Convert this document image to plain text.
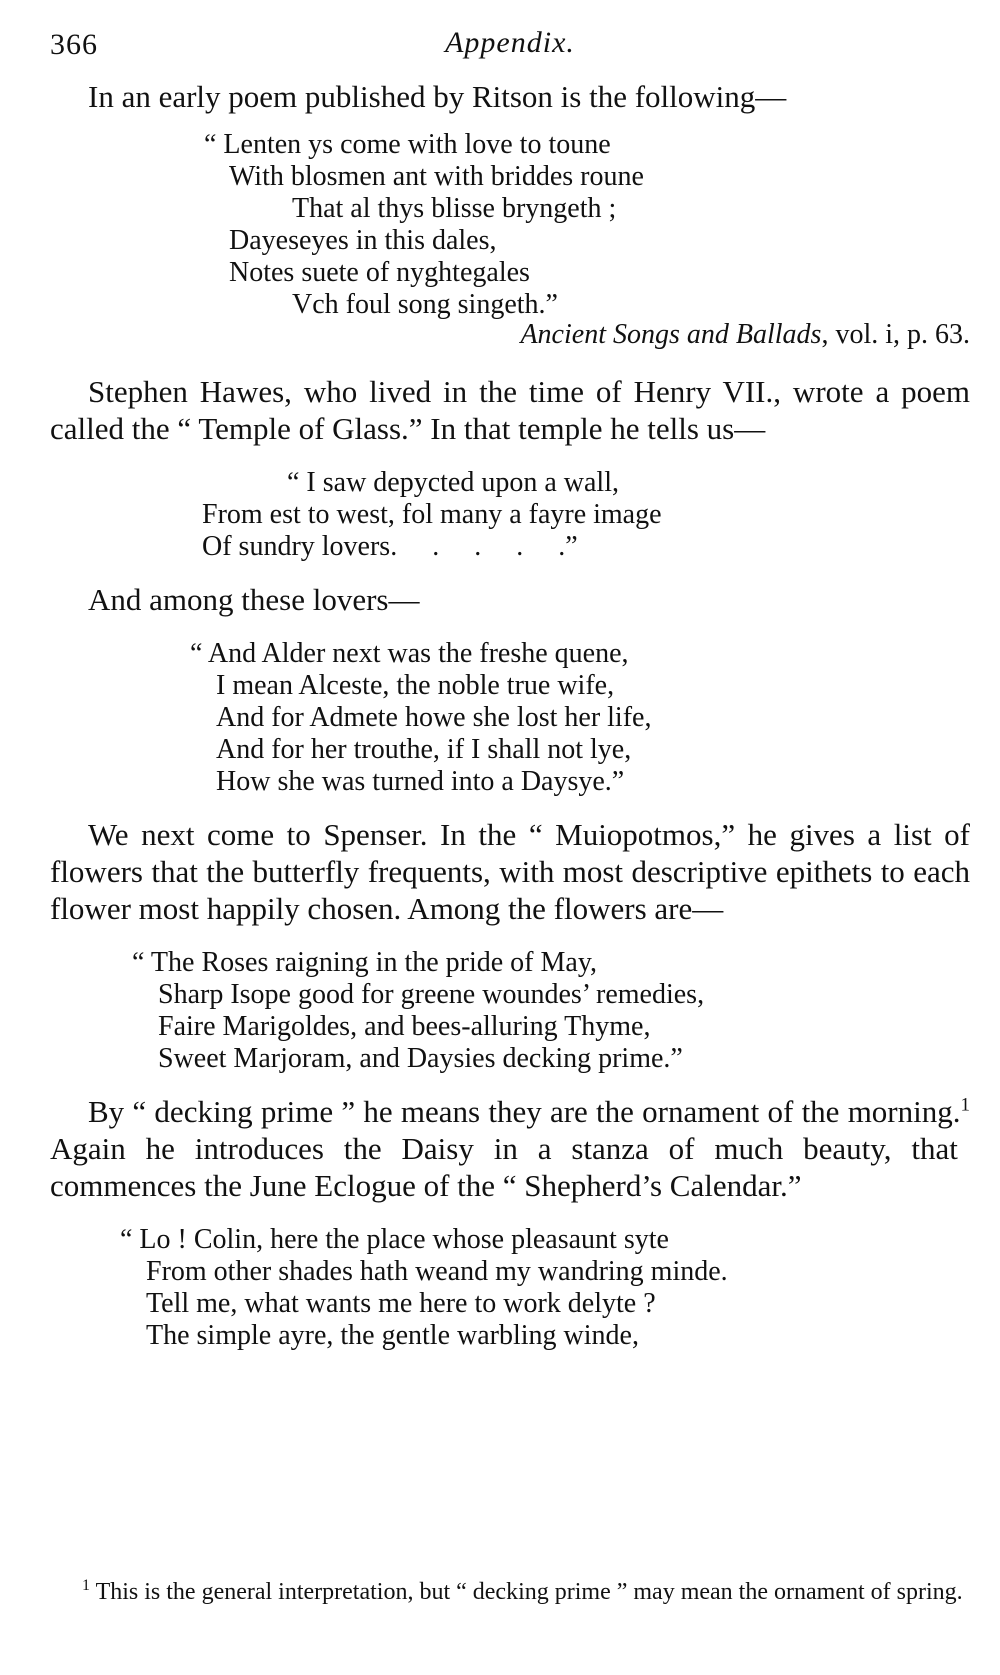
366	Appendix.

In an early poem published by Ritson is the following—

“ Lenten ys come with love to toune
With blosmen ant with briddes roune
That al thys blisse bryngeth ;
Dayeseyes in this dales,
Notes suete of nyghtegales
Vch foul song singeth.”
Ancient Songs and Ballads, vol. i, p. 63.

Stephen Hawes, who lived in the time of Henry VII., wrote a poem called the “ Temple of Glass.” In that temple he tells us—

“ I saw depycted upon a wall,
From est to west, fol many a fayre image
Of sundry lovers.     .     .     .     .”

And among these lovers—

“ And Alder next was the freshe quene,
I mean Alceste, the noble true wife,
And for Admete howe she lost her life,
And for her trouthe, if I shall not lye,
How she was turned into a Daysye.”

We next come to Spenser. In the “ Muiopotmos,” he gives a list of flowers that the butterfly frequents, with most descriptive epithets to each flower most happily chosen. Among the flowers are—

“ The Roses raigning in the pride of May,
Sharp Isope good for greene woundes’ remedies,
Faire Marigoldes, and bees-alluring Thyme,
Sweet Marjoram, and Daysies decking prime.”

By “ decking prime ” he means they are the ornament of the morning.$^1$ Again he introduces the Daisy in a stanza of much beauty, that commences the June Eclogue of the “ Shepherd’s Calendar.”

“ Lo ! Colin, here the place whose pleasaunt syte
From other shades hath weand my wandring minde.
Tell me, what wants me here to work delyte ?
The simple ayre, the gentle warbling winde,
$^1$ This is the general interpretation, but “ decking prime ” may mean the ornament of spring.
